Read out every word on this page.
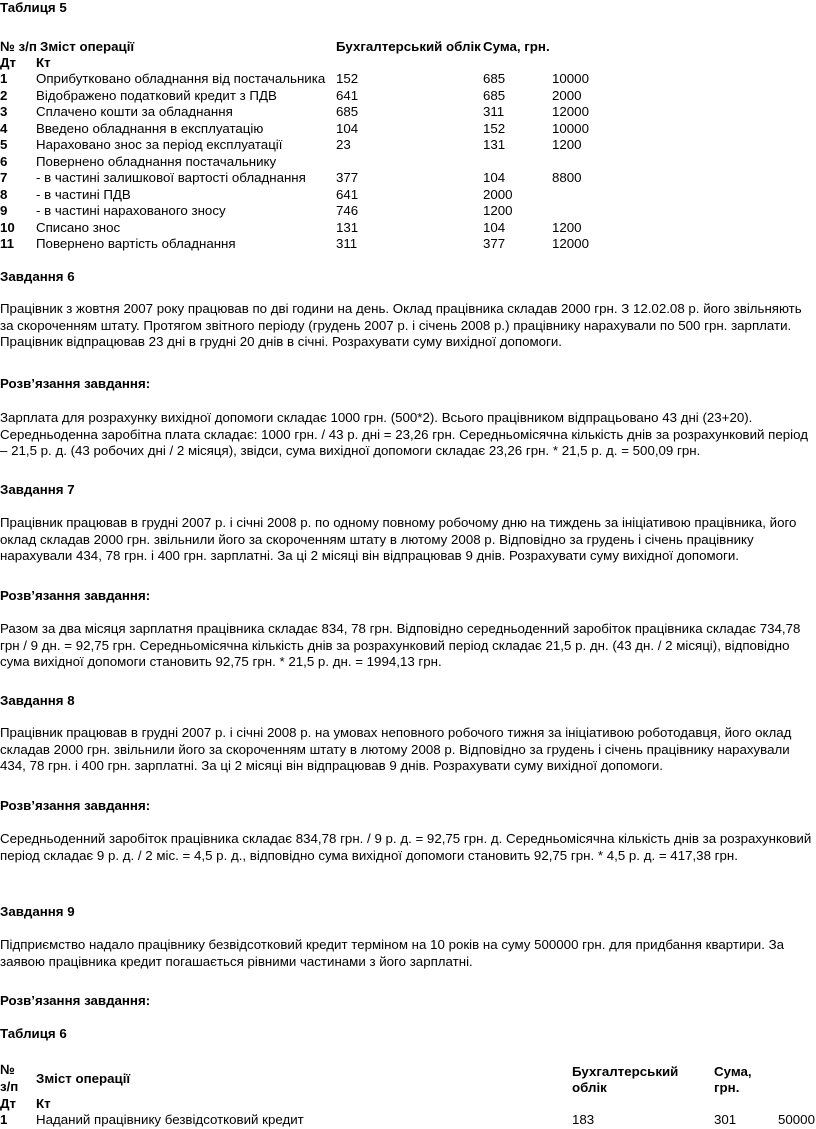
Таблиця 5
№ з/п Зміст операції	Бухгалтерський облік Сума, грн.
Дт Кт
1 Оприбутковано обладнання від постачальника 152	685	10000
2 Відображено податковий кредит з ПДВ	641	685	2000
3 Сплачено кошти за обладнання	685	311	12000
4 Введено обладнання в експлуатацію	104	152	10000
5 Нараховано знос за період експлуатації	23	131	1200
6 Повернено обладнання постачальнику
7 - в частині залишкової вартості обладнання 377	104	8800
8 - в частині ПДВ	641	2000
9 - в частині нарахованого зносу	746	1200
10 Списано знос	131	104	1200
11 Повернено вартість обладнання	311	377	12000
Завдання 6
Працівник з жовтня 2007 року працював по дві години на день. Оклад працівника складав 2000 грн. З 12.02.08 р. його звільняють за скороченням штату. Протягом звітного періоду (грудень 2007 р. і січень 2008 р.) працівнику нарахували по 500 грн. зарплати. Працівник відпрацював 23 дні в грудні 20 днів в січні. Розрахувати суму вихідної допомоги.
Розв’язання завдання:
Зарплата для розрахунку вихідної допомоги складає 1000 грн. (500*2). Всього працівником відпрацьовано 43 дні (23+20). Середньоденна заробітна плата складає: 1000 грн. / 43 р. дні = 23,26 грн. Середньомісячна кількість днів за розрахунковий період – 21,5 р. д. (43 робочих дні / 2 місяця), звідси, сума вихідної допомоги складає 23,26 грн. * 21,5 р. д. = 500,09 грн.
Завдання 7
Працівник працював в грудні 2007 р. і січні 2008 р. по одному повному робочому дню на тиждень за ініціативою працівника, його оклад складав 2000 грн. звільнили його за скороченням штату в лютому 2008 р. Відповідно за грудень і січень працівнику нарахували 434, 78 грн. і 400 грн. зарплатні. За ці 2 місяці він відпрацював 9 днів. Розрахувати суму вихідної допомоги.
Розв’язання завдання:
Разом за два місяця зарплатня працівника складає 834, 78 грн. Відповідно середньоденний заробіток працівника складає 734,78 грн / 9 дн. = 92,75 грн. Середньомісячна кількість днів за розрахунковий період складає 21,5 р. дн. (43 дн. / 2 місяці), відповідно сума вихідної допомоги становить 92,75 грн. * 21,5 р. дн. = 1994,13 грн.
Завдання 8
Працівник працював в грудні 2007 р. і січні 2008 р. на умовах неповного робочого тижня за ініціативою роботодавця, його оклад складав 2000 грн. звільнили його за скороченням штату в лютому 2008 р. Відповідно за грудень і січень працівнику нарахували 434, 78 грн. і 400 грн. зарплатні. За ці 2 місяці він відпрацював 9 днів. Розрахувати суму вихідної допомоги.
Розв’язання завдання:
Середньоденний заробіток працівника складає 834,78 грн. / 9 р. д. = 92,75 грн. д. Середньомісячна кількість днів за розрахунковий період складає 9 р. д. / 2 міс. = 4,5 р. д., відповідно сума вихідної допомоги становить 92,75 грн. * 4,5 р. д. = 417,38 грн.
Завдання 9
Підприємство надало працівнику безвідсотковий кредит терміном на 10 років на суму 500000 грн. для придбання квартири. За заявою працівника кредит погашається рівними частинами з його зарплатні.
Розв’язання завдання:
Таблиця 6
№
з/п
Зміст операції	Бухгалтерський
облік
Сума,
грн.
Дт Кт
1 Наданий працівнику безвідсотковий кредит	183	301	50000
